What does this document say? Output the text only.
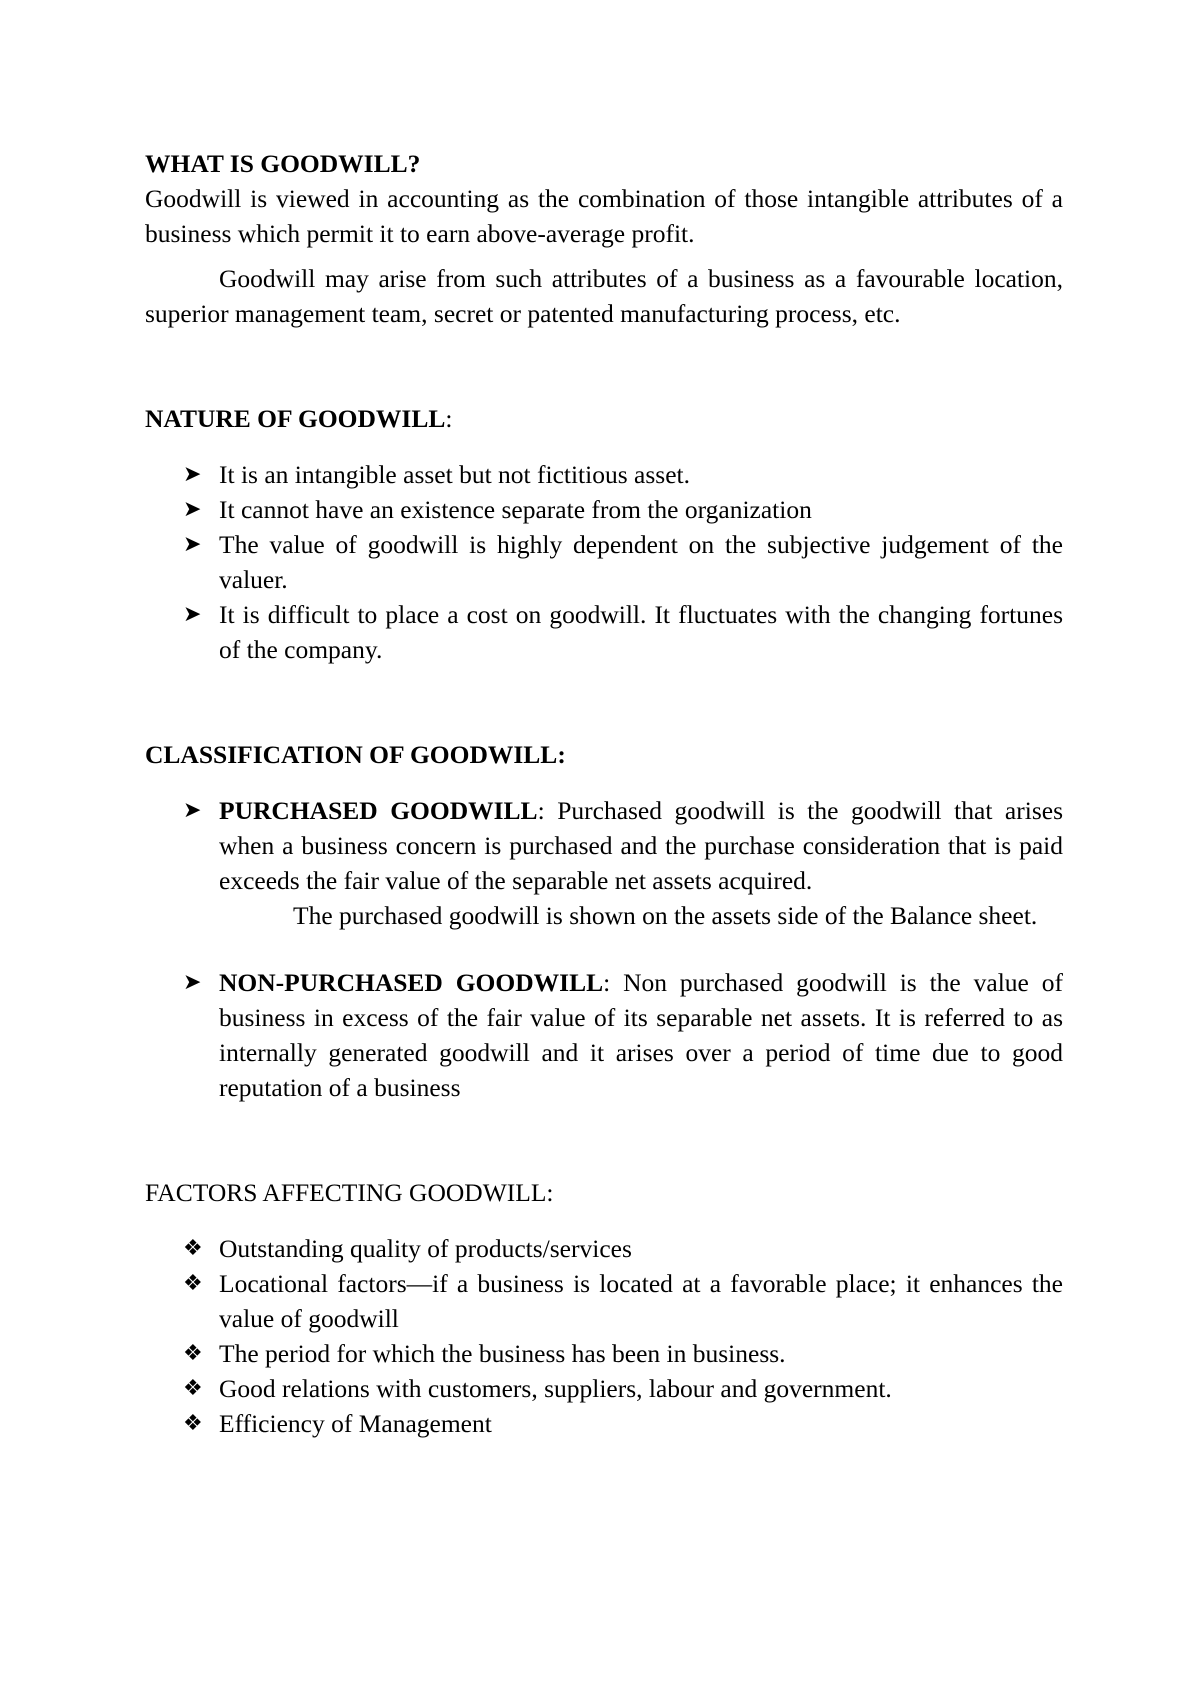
WHAT IS GOODWILL?

Goodwill is viewed in accounting as the combination of those intangible attributes of a business which permit it to earn above-average profit.

Goodwill may arise from such attributes of a business as a favourable location, superior management team, secret or patented manufacturing process, etc.

NATURE OF GOODWILL:
➤ It is an intangible asset but not fictitious asset.
➤ It cannot have an existence separate from the organization
➤ The value of goodwill is highly dependent on the subjective judgement of the valuer.
➤ It is difficult to place a cost on goodwill. It fluctuates with the changing fortunes of the company.
CLASSIFICATION OF GOODWILL:
➤ PURCHASED GOODWILL: Purchased goodwill is the goodwill that arises when a business concern is purchased and the purchase consideration that is paid exceeds the fair value of the separable net assets acquired.

The purchased goodwill is shown on the assets side of the Balance sheet.

➤ NON-PURCHASED GOODWILL: Non purchased goodwill is the value of business in excess of the fair value of its separable net assets. It is referred to as internally generated goodwill and it arises over a period of time due to good reputation of a business
FACTORS AFFECTING GOODWILL:
❖ Outstanding quality of products/services
❖ Locational factors—if a business is located at a favorable place; it enhances the value of goodwill
❖ The period for which the business has been in business.
❖ Good relations with customers, suppliers, labour and government.
❖ Efficiency of Management
